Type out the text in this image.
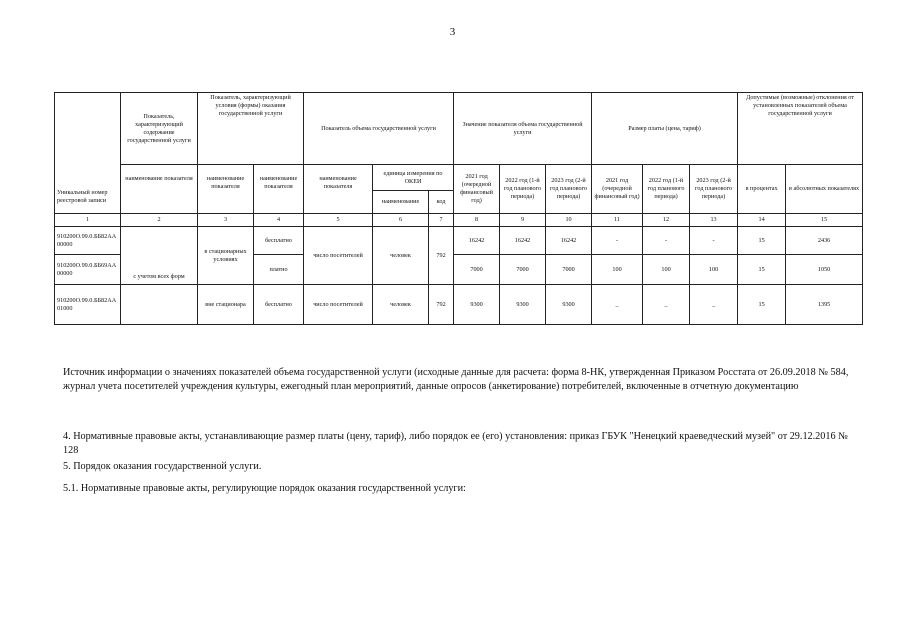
3
Уникальный номер реестровой записи	Показатель, характеризующий содержание государственной услуги	Показатель, характеризующий условия (формы) оказания государственной услуги		Показатель объема государственной услуги			Значение показателя объема государственной услуги			Размер платы (цена, тариф)			Допустимые (возможные) отклонения от установленных показателей объема государственной услуги	
	наименование показателя	наименование показателя	наименование показателя	наименование показателя	единица измерения по ОКЕИ		2021 год (очередной финансовый год)	2022 год (1-й год планового периода)	2023 год (2-й год планового периода)	2021 год (очередной финансовый год)	2022 год (1-й год планового периода)	2023 год (2-й год планового периода)	в процентах	в абсолютных показателях
					наименование	код								
1	2	3	4	5	6	7	8	9	10	11	12	13	14	15
910200О.99.0.ББ82АА00000	с учетом всех форм	в стационарных условиях	бесплатно	число посетителей	человек	792	16242	16242	16242	-	-	-	15	2436
910200О.99.0.ББ69АА00000			платно				7000	7000	7000	100	100	100	15	1050
910200О.99.0.ББ82АА01000		вне стационара	бесплатно	число посетителей	человек	792	9300	9300	9300	_	_	_	15	1395
Источник информации о значениях показателей объема государственной услуги (исходные данные для расчета: форма 8-НК, утвержденная Приказом Росстата от 26.09.2018 № 584, журнал учета посетителей учреждения культуры, ежегодный план мероприятий, данные опросов (анкетирование) потребителей, включенные в отчетную документацию
4. Нормативные правовые акты, устанавливающие размер платы (цену, тариф), либо порядок ее (его) установления: приказ ГБУК "Ненецкий краеведческий музей" от 29.12.2016 № 128
5. Порядок оказания государственной услуги.
5.1. Нормативные правовые акты, регулирующие порядок оказания государственной услуги:
